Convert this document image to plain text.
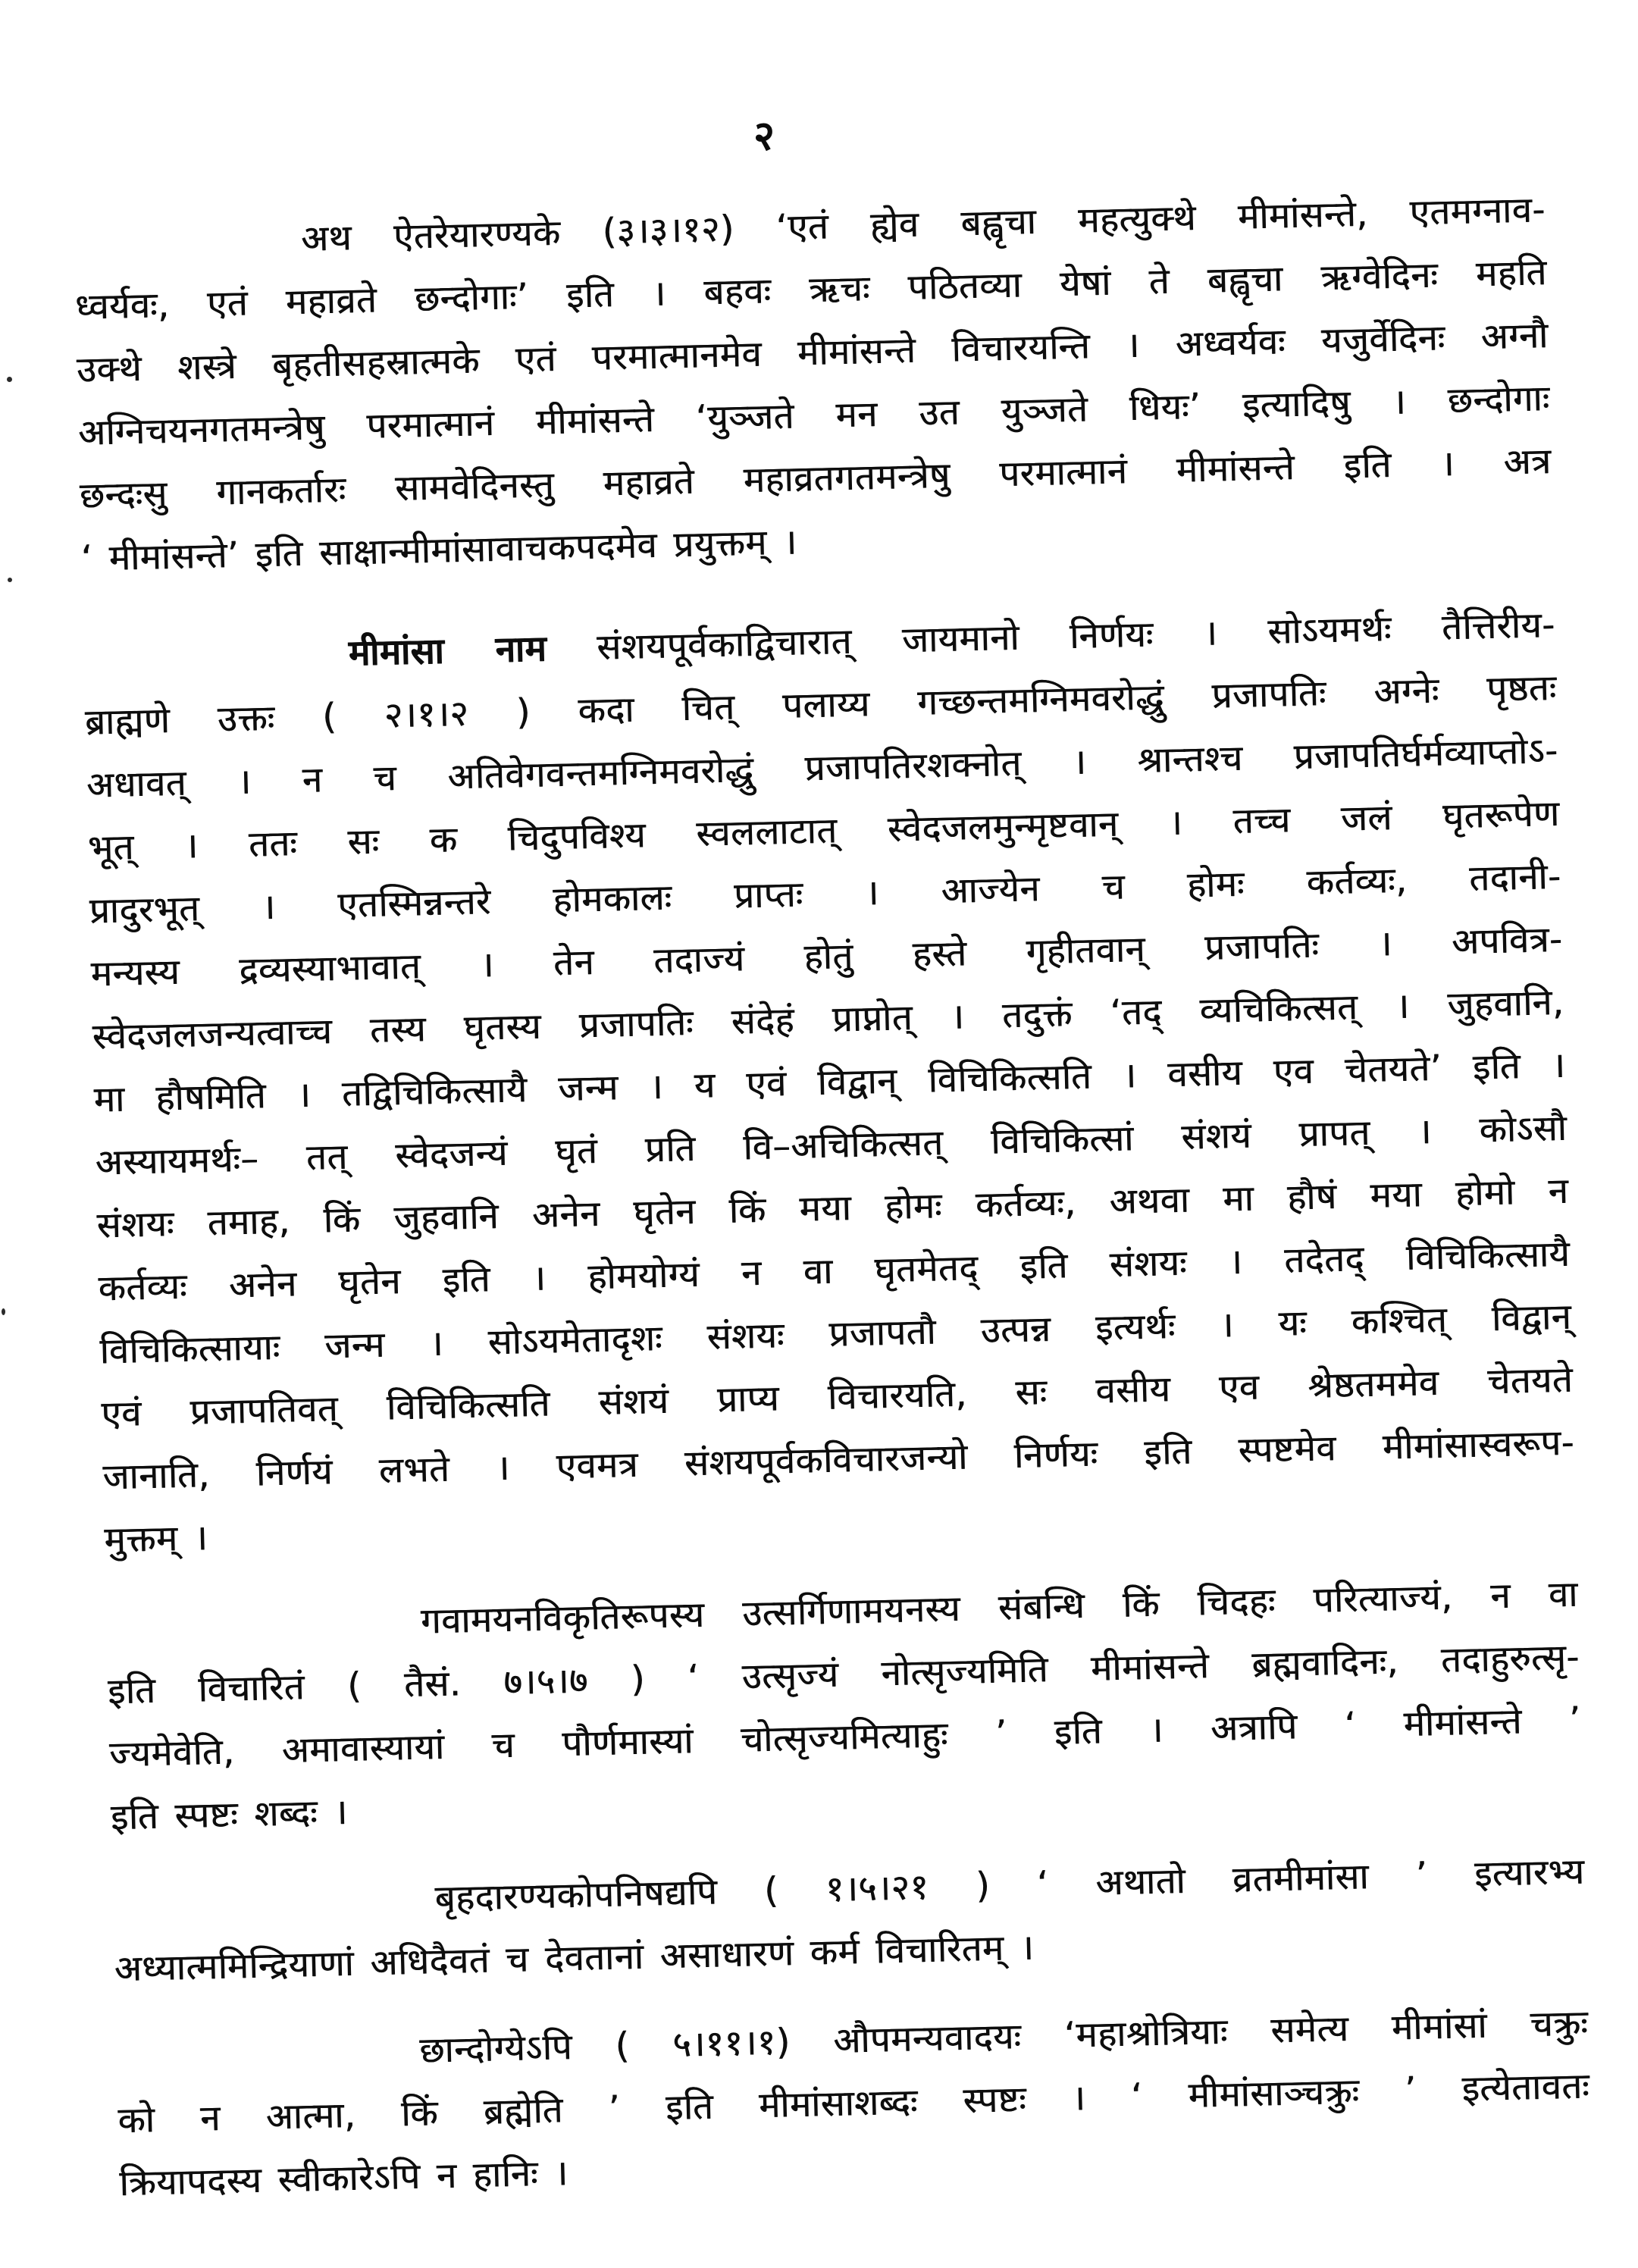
२
अथ ऐतरेयारण्यके (३।३।१२) ‘एतं ह्येव बह्वृचा महत्युक्थे मीमांसन्ते, एतमग्नाव-
ध्वर्यवः, एतं महाव्रते छन्दोगाः’ इति । बहवः ऋचः पठितव्या येषां ते बह्वृचा ऋग्वेदिनः महति
उक्थे शस्त्रे बृहतीसहस्रात्मके एतं परमात्मानमेव मीमांसन्ते विचारयन्ति । अध्वर्यवः यजुर्वेदिनः अग्नौ
अग्निचयनगतमन्त्रेषु परमात्मानं मीमांसन्ते ‘युञ्जते मन उत युञ्जते धियः’ इत्यादिषु । छन्दोगाः
छन्दःसु गानकर्तारः सामवेदिनस्तु महाव्रते महाव्रतगतमन्त्रेषु परमात्मानं मीमांसन्ते इति । अत्र
‘ मीमांसन्ते’ इति साक्षान्मीमांसावाचकपदमेव प्रयुक्तम् ।
मीमांसा नाम संशयपूर्वकाद्विचारात् जायमानो निर्णयः । सोऽयमर्थः तैत्तिरीय-
ब्राह्मणे उक्तः ( २।१।२ ) कदा चित् पलाय्य गच्छन्तमग्निमवरोद्धुं प्रजापतिः अग्नेः पृष्ठतः
अधावत् । न च अतिवेगवन्तमग्निमवरोद्धुं प्रजापतिरशक्नोत् । श्रान्तश्च प्रजापतिर्घर्मव्याप्तोऽ-
भूत् । ततः सः क चिदुपविश्य स्वललाटात् स्वेदजलमुन्मृष्टवान् । तच्च जलं घृतरूपेण
प्रादुरभूत् । एतस्मिन्नन्तरे होमकालः प्राप्तः । आज्येन च होमः कर्तव्यः, तदानी-
मन्यस्य द्रव्यस्याभावात् । तेन तदाज्यं होतुं हस्ते गृहीतवान् प्रजापतिः । अपवित्र-
स्वेदजलजन्यत्वाच्च तस्य घृतस्य प्रजापतिः संदेहं प्राप्नोत् । तदुक्तं ‘तद् व्यचिकित्सत् । जुहवानि,
मा हौषमिति । तद्विचिकित्सायै जन्म । य एवं विद्वान् विचिकित्सति । वसीय एव चेतयते’ इति ।
अस्यायमर्थः– तत् स्वेदजन्यं घृतं प्रति वि–अचिकित्सत् विचिकित्सां संशयं प्रापत् । कोऽसौ
संशयः तमाह, किं जुहवानि अनेन घृतेन किं मया होमः कर्तव्यः, अथवा मा हौषं मया होमो न
कर्तव्यः अनेन घृतेन इति । होमयोग्यं न वा घृतमेतद् इति संशयः । तदेतद् विचिकित्सायै
विचिकित्सायाः जन्म । सोऽयमेतादृशः संशयः प्रजापतौ उत्पन्न इत्यर्थः । यः कश्चित् विद्वान्
एवं प्रजापतिवत् विचिकित्सति संशयं प्राप्य विचारयति, सः वसीय एव श्रेष्ठतममेव चेतयते
जानाति, निर्णयं लभते । एवमत्र संशयपूर्वकविचारजन्यो निर्णयः इति स्पष्टमेव मीमांसास्वरूप-
मुक्तम् ।
गवामयनविकृतिरूपस्य उत्सर्गिणामयनस्य संबन्धि किं चिदहः परित्याज्यं, न वा
इति विचारितं ( तैसं. ७।५।७ ) ‘ उत्सृज्यं नोत्सृज्यमिति मीमांसन्ते ब्रह्मवादिनः, तदाहुरुत्सृ-
ज्यमेवेति, अमावास्यायां च पौर्णमास्यां चोत्सृज्यमित्याहुः ’ इति । अत्रापि ‘ मीमांसन्ते ’
इति स्पष्टः शब्दः ।
बृहदारण्यकोपनिषद्यपि ( १।५।२१ ) ‘ अथातो व्रतमीमांसा ’ इत्यारभ्य
अध्यात्ममिन्द्रियाणां अधिदैवतं च देवतानां असाधारणं कर्म विचारितम् ।
छान्दोग्येऽपि ( ५।११।१) औपमन्यवादयः ‘महाश्रोत्रियाः समेत्य मीमांसां चक्रुः
को न आत्मा, किं ब्रह्मेति ’ इति मीमांसाशब्दः स्पष्टः । ‘ मीमांसाञ्चक्रुः ’ इत्येतावतः
क्रियापदस्य स्वीकारेऽपि न हानिः ।
